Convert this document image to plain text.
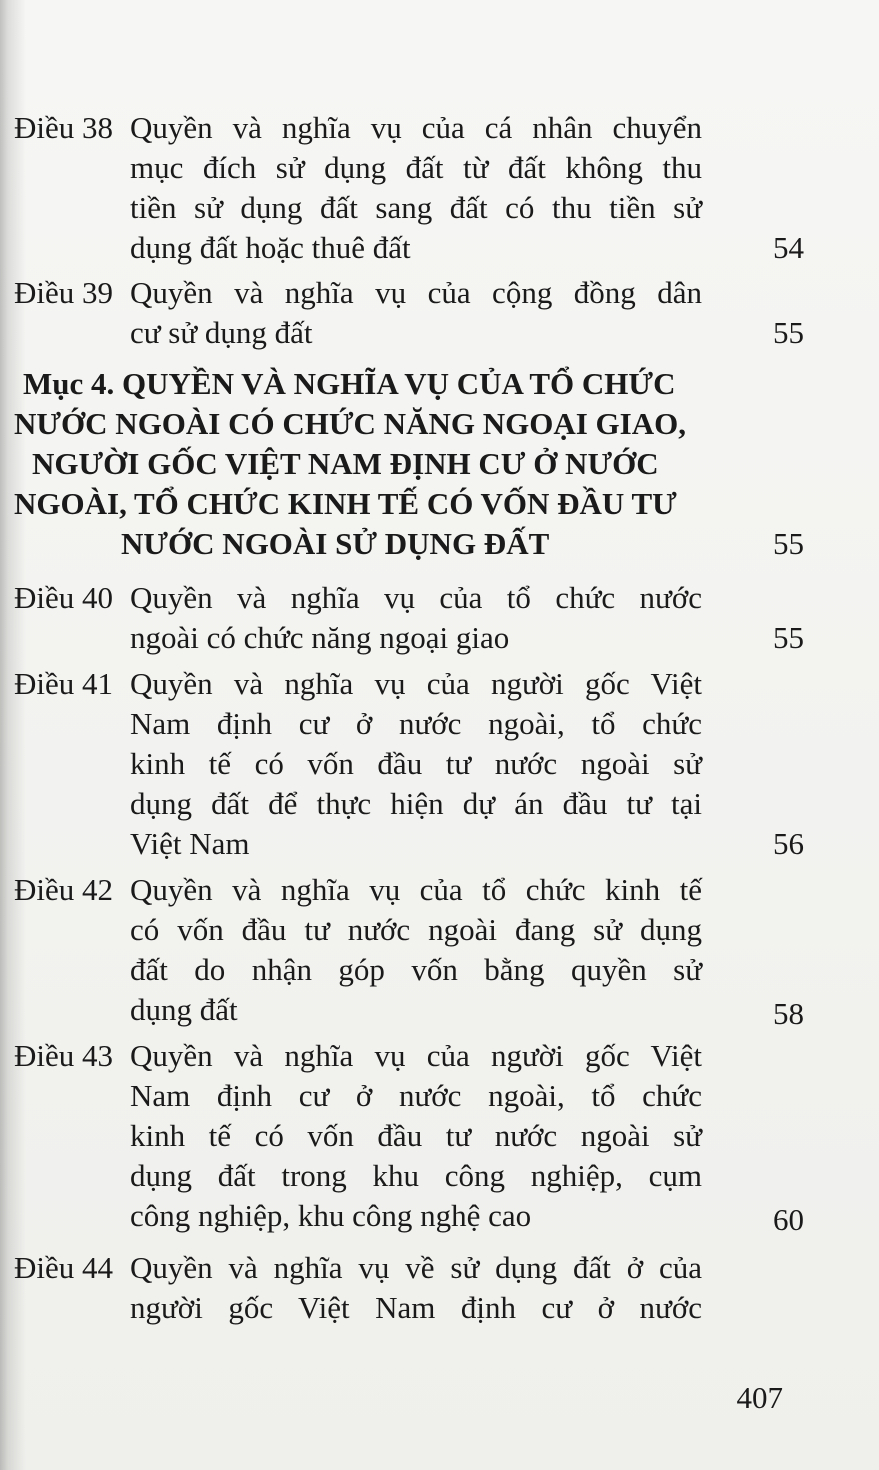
Điều 38 Quyền và nghĩa vụ của cá nhân chuyển
mục đích sử dụng đất từ đất không thu
tiền sử dụng đất sang đất có thu tiền sử
dụng đất hoặc thuê đất	54
Điều 39 Quyền và nghĩa vụ của cộng đồng dân
cư sử dụng đất	55
Mục 4. QUYỀN VÀ NGHĨA VỤ CỦA TỔ CHỨC
NƯỚC NGOÀI CÓ CHỨC NĂNG NGOẠI GIAO,
NGƯỜI GỐC VIỆT NAM ĐỊNH CƯ Ở NƯỚC
NGOÀI, TỔ CHỨC KINH TẾ CÓ VỐN ĐẦU TƯ
NƯỚC NGOÀI SỬ DỤNG ĐẤT	55
Điều 40 Quyền và nghĩa vụ của tổ chức nước
ngoài có chức năng ngoại giao	55
Điều 41 Quyền và nghĩa vụ của người gốc Việt
Nam định cư ở nước ngoài, tổ chức
kinh tế có vốn đầu tư nước ngoài sử
dụng đất để thực hiện dự án đầu tư tại
Việt Nam	56
Điều 42 Quyền và nghĩa vụ của tổ chức kinh tế
có vốn đầu tư nước ngoài đang sử dụng
đất do nhận góp vốn bằng quyền sử
dụng đất	58
Điều 43 Quyền và nghĩa vụ của người gốc Việt
Nam định cư ở nước ngoài, tổ chức
kinh tế có vốn đầu tư nước ngoài sử
dụng đất trong khu công nghiệp, cụm
công nghiệp, khu công nghệ cao	60
Điều 44 Quyền và nghĩa vụ về sử dụng đất ở của
người gốc Việt Nam định cư ở nước
407
